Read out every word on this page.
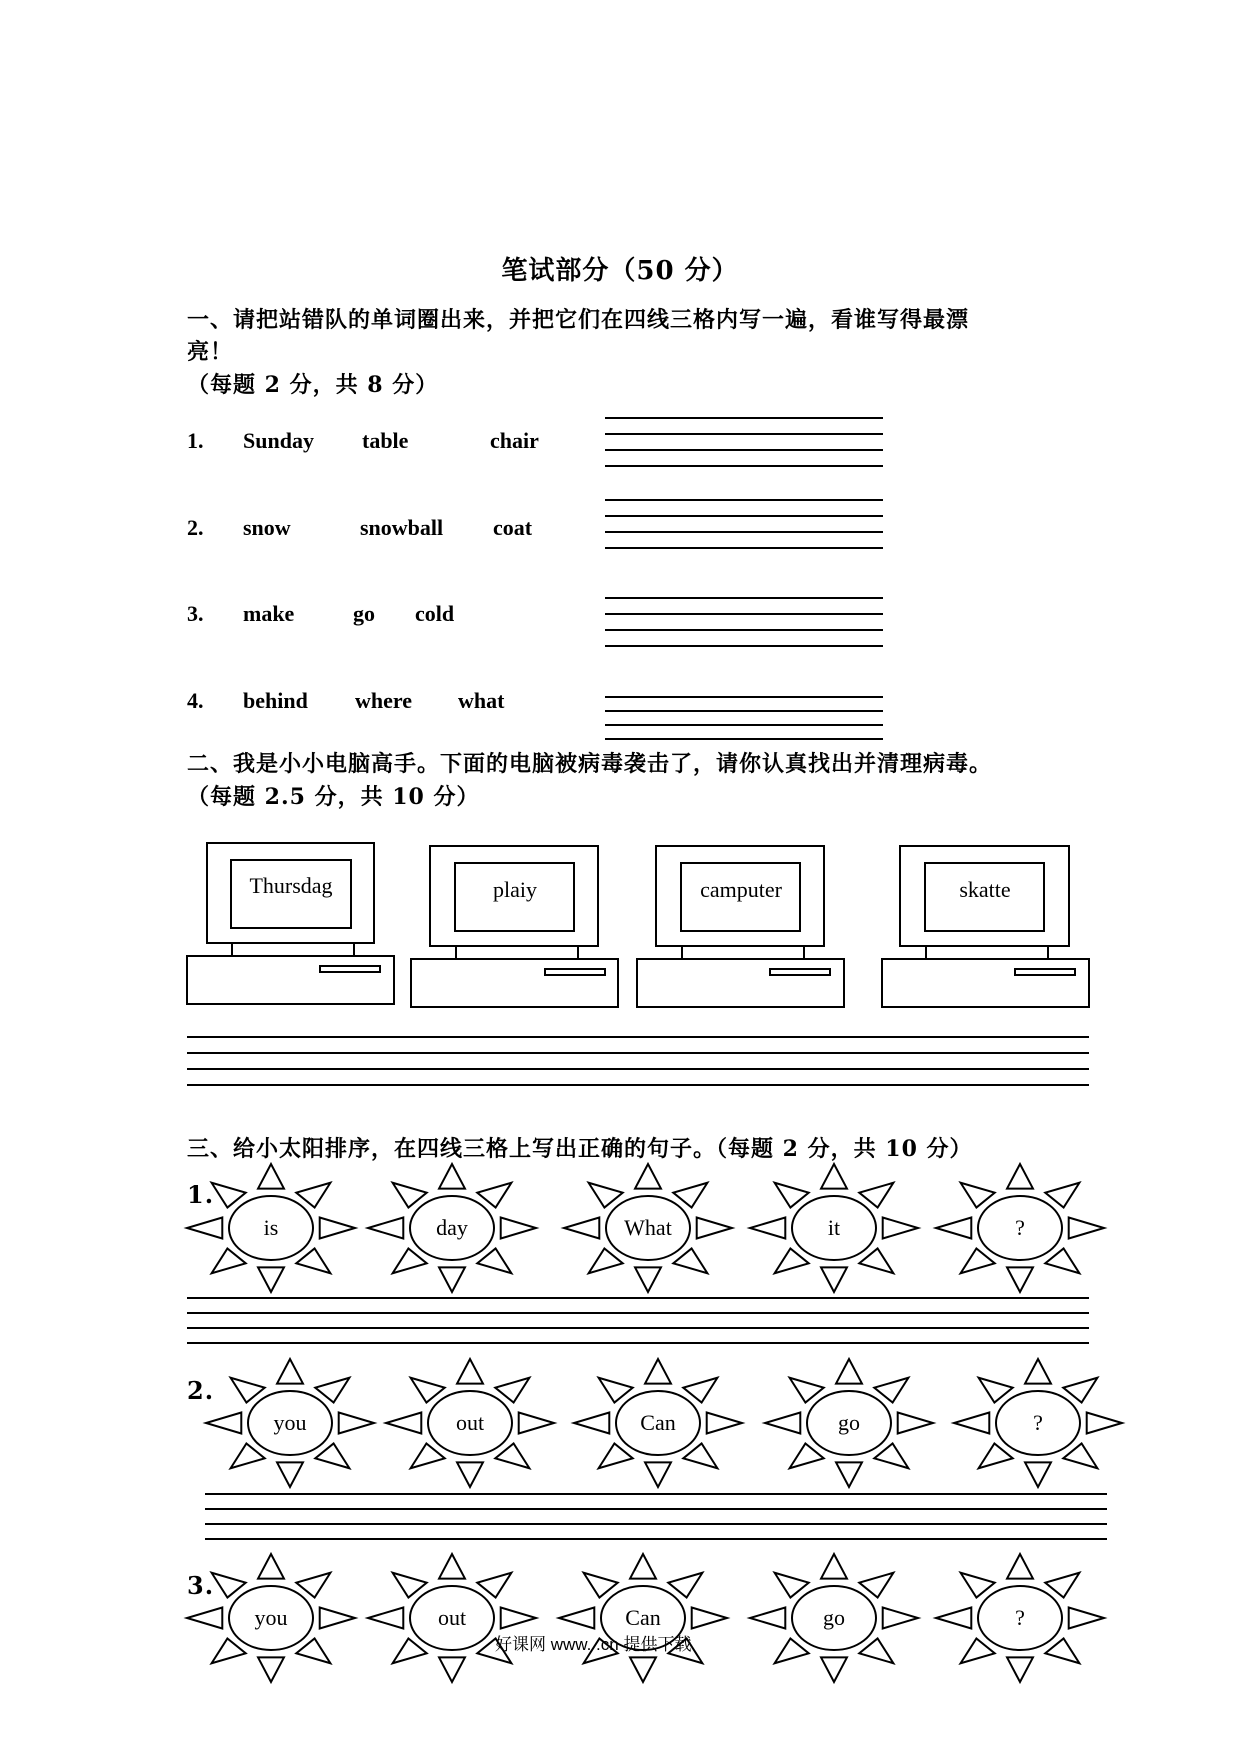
笔试部分（50 分）
一、请把站错队的单词圈出来，并把它们在四线三格内写一遍，看谁写得最漂
亮！
（每题 2 分，共 8 分）
1. Sunday table	chair
2. snow	snowball coat
3. make	go cold
4. behind where what
二、我是小小电脑高手。下面的电脑被病毒袭击了，请你认真找出并清理病毒。
（每题 2.5 分，共 10 分）
Thursdag	plaiy	camputer	skatte
三、给小太阳排序，在四线三格上写出正确的句子。（每题 2 分，共 10 分）
1.
2.
3.
is	day	What	it	?
you	out	Can	go	?
you	out	Can	go	?
好课网 www. .cn 提供下载
